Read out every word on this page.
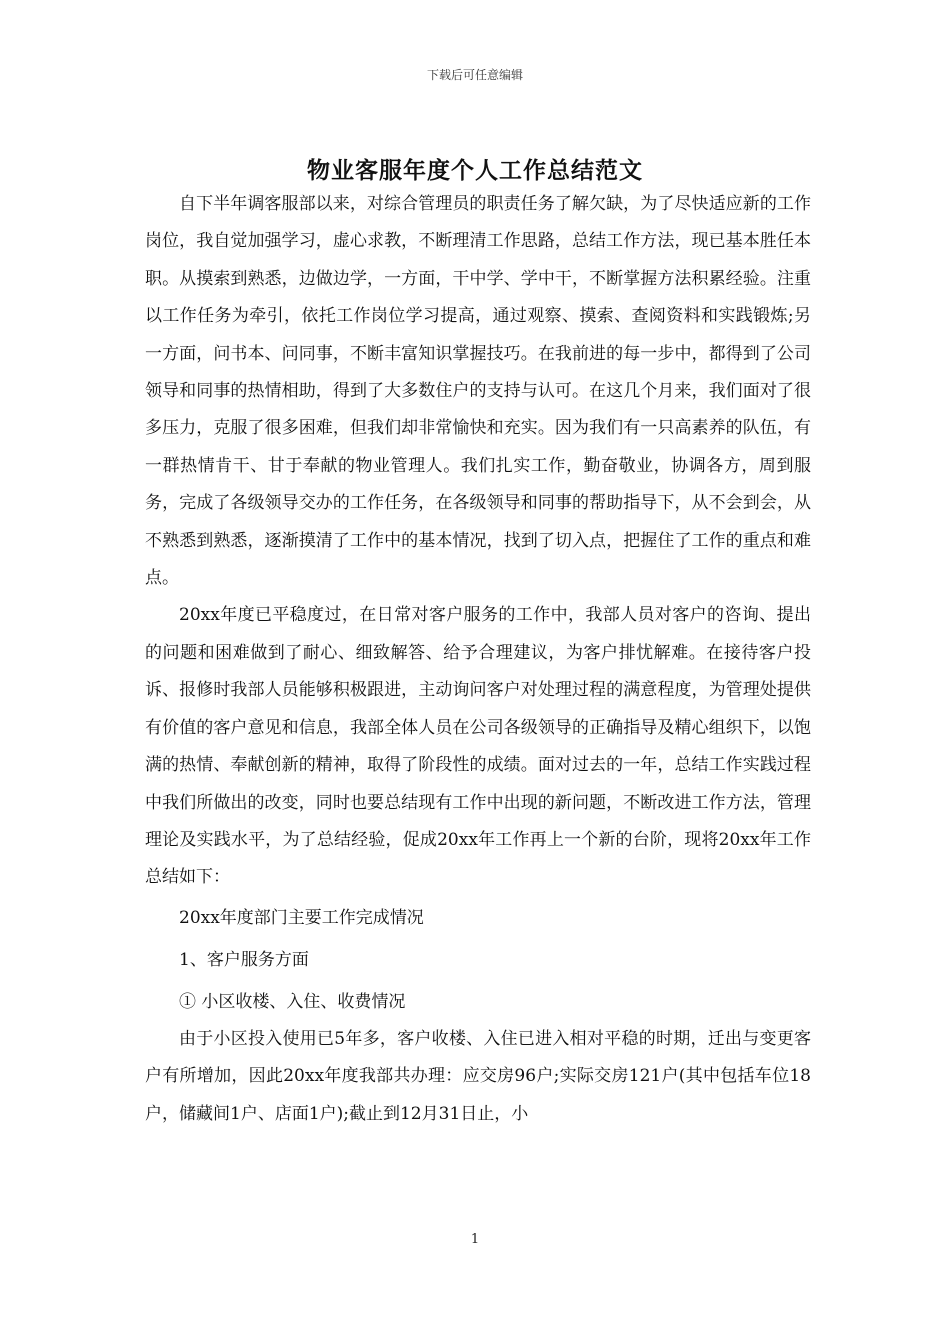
下载后可任意编辑
物业客服年度个人工作总结范文

自下半年调客服部以来，对综合管理员的职责任务了解欠缺，为了尽快适应新的工作岗位，我自觉加强学习，虚心求教，不断理清工作思路，总结工作方法，现已基本胜任本职。从摸索到熟悉，边做边学，一方面，干中学、学中干，不断掌握方法积累经验。注重以工作任务为牵引，依托工作岗位学习提高，通过观察、摸索、查阅资料和实践锻炼;另一方面，问书本、问同事，不断丰富知识掌握技巧。在我前进的每一步中，都得到了公司领导和同事的热情相助，得到了大多数住户的支持与认可。在这几个月来，我们面对了很多压力，克服了很多困难，但我们却非常愉快和充实。因为我们有一只高素养的队伍，有一群热情肯干、甘于奉献的物业管理人。我们扎实工作，勤奋敬业，协调各方，周到服务，完成了各级领导交办的工作任务，在各级领导和同事的帮助指导下，从不会到会，从不熟悉到熟悉，逐渐摸清了工作中的基本情况，找到了切入点，把握住了工作的重点和难点。

20xx年度已平稳度过，在日常对客户服务的工作中，我部人员对客户的咨询、提出的问题和困难做到了耐心、细致解答、给予合理建议，为客户排忧解难。在接待客户投诉、报修时我部人员能够积极跟进，主动询问客户对处理过程的满意程度，为管理处提供有价值的客户意见和信息，我部全体人员在公司各级领导的正确指导及精心组织下，以饱满的热情、奉献创新的精神，取得了阶段性的成绩。面对过去的一年，总结工作实践过程中我们所做出的改变，同时也要总结现有工作中出现的新问题，不断改进工作方法，管理理论及实践水平，为了总结经验，促成20xx年工作再上一个新的台阶，现将20xx年工作总结如下：

20xx年度部门主要工作完成情况

1、客户服务方面

① 小区收楼、入住、收费情况

由于小区投入使用已5年多，客户收楼、入住已进入相对平稳的时期，迁出与变更客户有所增加，因此20xx年度我部共办理：应交房96户;实际交房121户(其中包括车位18户，储藏间1户、店面1户);截止到12月31日止，小

1
